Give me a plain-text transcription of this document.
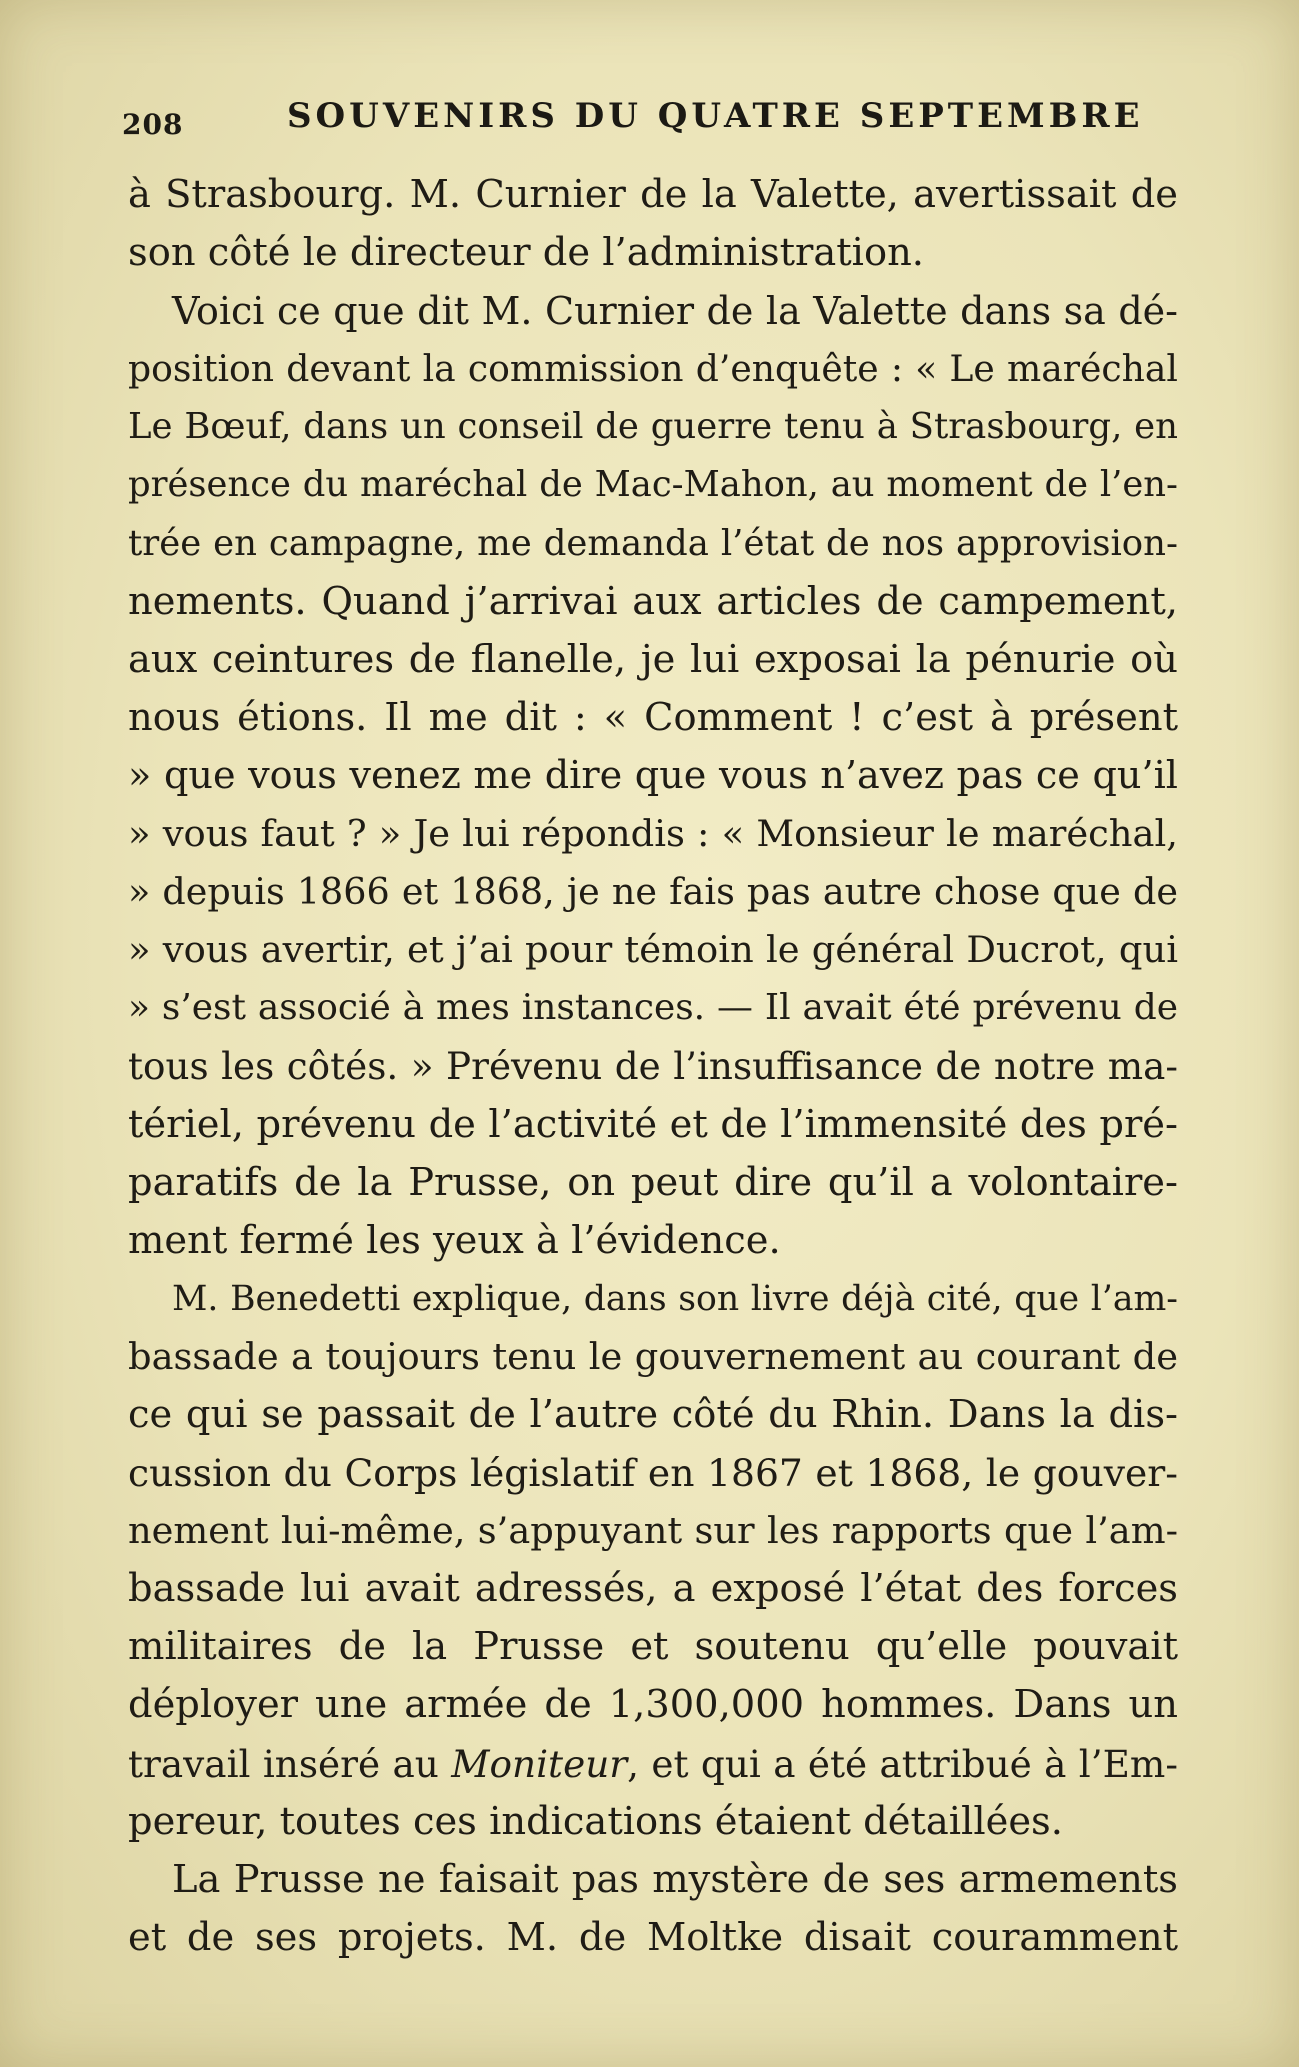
208	SOUVENIRS DU QUATRE SEPTEMBRE
à Strasbourg. M. Curnier de la Valette, avertissait de
son côté le directeur de l’administration.
Voici ce que dit M. Curnier de la Valette dans sa dé-
position devant la commission d’enquête : « Le maréchal
Le Bœuf, dans un conseil de guerre tenu à Strasbourg, en
présence du maréchal de Mac-Mahon, au moment de l’en-
trée en campagne, me demanda l’état de nos approvision-
nements. Quand j’arrivai aux articles de campement,
aux ceintures de flanelle, je lui exposai la pénurie où
nous étions. Il me dit : « Comment ! c’est à présent
» que vous venez me dire que vous n’avez pas ce qu’il
» vous faut ? » Je lui répondis : « Monsieur le maréchal,
» depuis 1866 et 1868, je ne fais pas autre chose que de
» vous avertir, et j’ai pour témoin le général Ducrot, qui
» s’est associé à mes instances. — Il avait été prévenu de
tous les côtés. » Prévenu de l’insuffisance de notre ma-
tériel, prévenu de l’activité et de l’immensité des pré-
paratifs de la Prusse, on peut dire qu’il a volontaire-
ment fermé les yeux à l’évidence.
M. Benedetti explique, dans son livre déjà cité, que l’am-
bassade a toujours tenu le gouvernement au courant de
ce qui se passait de l’autre côté du Rhin. Dans la dis-
cussion du Corps législatif en 1867 et 1868, le gouver-
nement lui-même, s’appuyant sur les rapports que l’am-
bassade lui avait adressés, a exposé l’état des forces
militaires de la Prusse et soutenu qu’elle pouvait
déployer une armée de 1,300,000 hommes. Dans un
travail inséré au Moniteur, et qui a été attribué à l’Em-
pereur, toutes ces indications étaient détaillées.
La Prusse ne faisait pas mystère de ses armements
et de ses projets. M. de Moltke disait couramment
